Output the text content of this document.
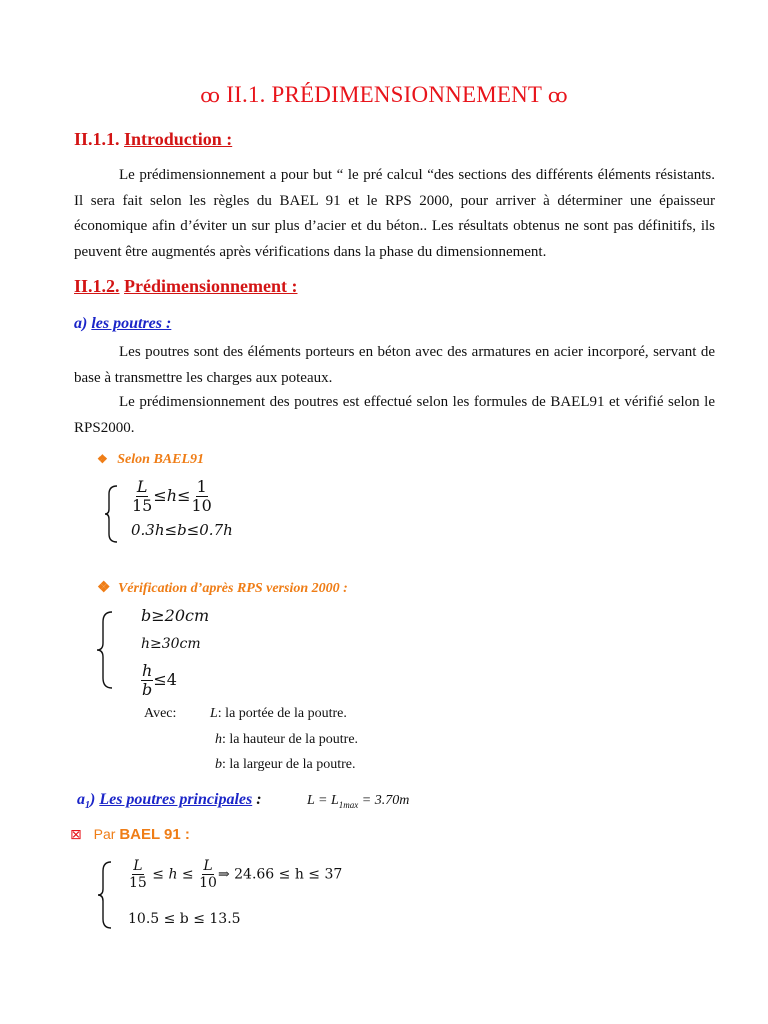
ꝏ II.1. PRÉDIMENSIONNEMENT ꝏ
II.1.1. Introduction :
Le prédimensionnement a pour but “ le pré calcul “des sections des différents éléments résistants. Il sera fait selon les règles du BAEL 91 et le RPS 2000, pour arriver à déterminer une épaisseur économique afin d’éviter un sur plus d’acier et du béton.. Les résultats obtenus ne sont pas définitifs, ils peuvent être augmentés après vérifications dans la phase du dimensionnement.
II.1.2. Prédimensionnement :
a) les poutres :
Les poutres sont des éléments porteurs en béton avec des armatures en acier incorporé, servant de base à transmettre les charges aux poteaux.
Le prédimensionnement des poutres est effectué selon les formules de BAEL91 et vérifié selon le RPS2000.
❖ Selon BAEL91
$\frac{L}{15} \le h\le \frac{1}{10}$
0.3h≤b≤0.7h
❖ Vérification d’après RPS version 2000 :
b≥20cm
h≥30cm
$\frac{h}{b} \le 4$
Avec: L: la portée de la poutre.
h: la hauteur de la poutre.
b: la largeur de la poutre.
$a_1$) Les poutres principales :	$L = L_{1max} = 3.70m$
⊠ Par BAEL 91 :
$\frac{L}{15} \le h \le \frac{L}{10}$ ⇒ 24.66 ≤ h ≤ 37
10.5 ≤ b ≤ 13.5
